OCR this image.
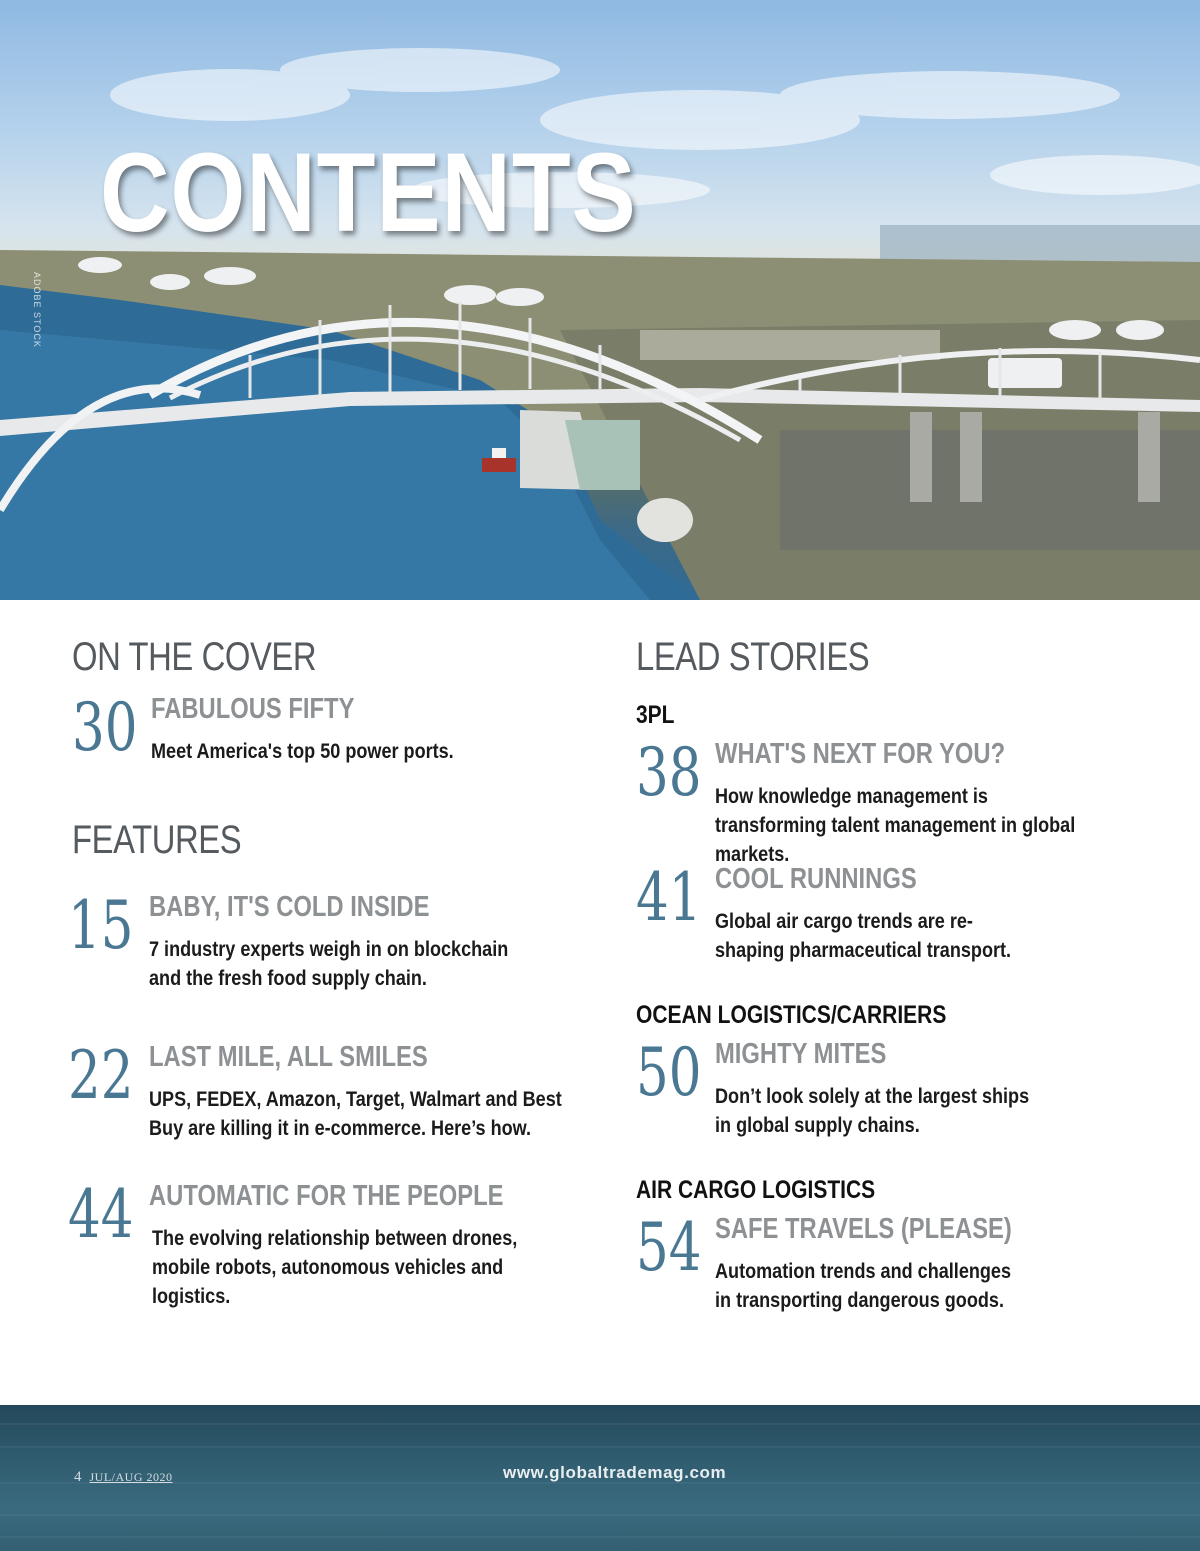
CONTENTS
ADOBE STOCK
ON THE COVER
30 FABULOUS FIFTY
Meet America's top 50 power ports.
FEATURES
15 BABY, IT'S COLD INSIDE
7 industry experts weigh in on blockchain and the fresh food supply chain.
22 LAST MILE, ALL SMILES
UPS, FEDEX, Amazon, Target, Walmart and Best Buy are killing it in e-commerce. Here’s how.
44 AUTOMATIC FOR THE PEOPLE
The evolving relationship between drones, mobile robots, autonomous vehicles and logistics.
LEAD STORIES
3PL
38 WHAT'S NEXT FOR YOU?
How knowledge management is transforming talent management in global markets.
41 COOL RUNNINGS
Global air cargo trends are re-shaping pharmaceutical transport.
OCEAN LOGISTICS/CARRIERS
50 MIGHTY MITES
Don’t look solely at the largest ships in global supply chains.
AIR CARGO LOGISTICS
54 SAFE TRAVELS (PLEASE)
Automation trends and challenges in transporting dangerous goods.
4 JUL/AUG 2020	www.globaltrademag.com
